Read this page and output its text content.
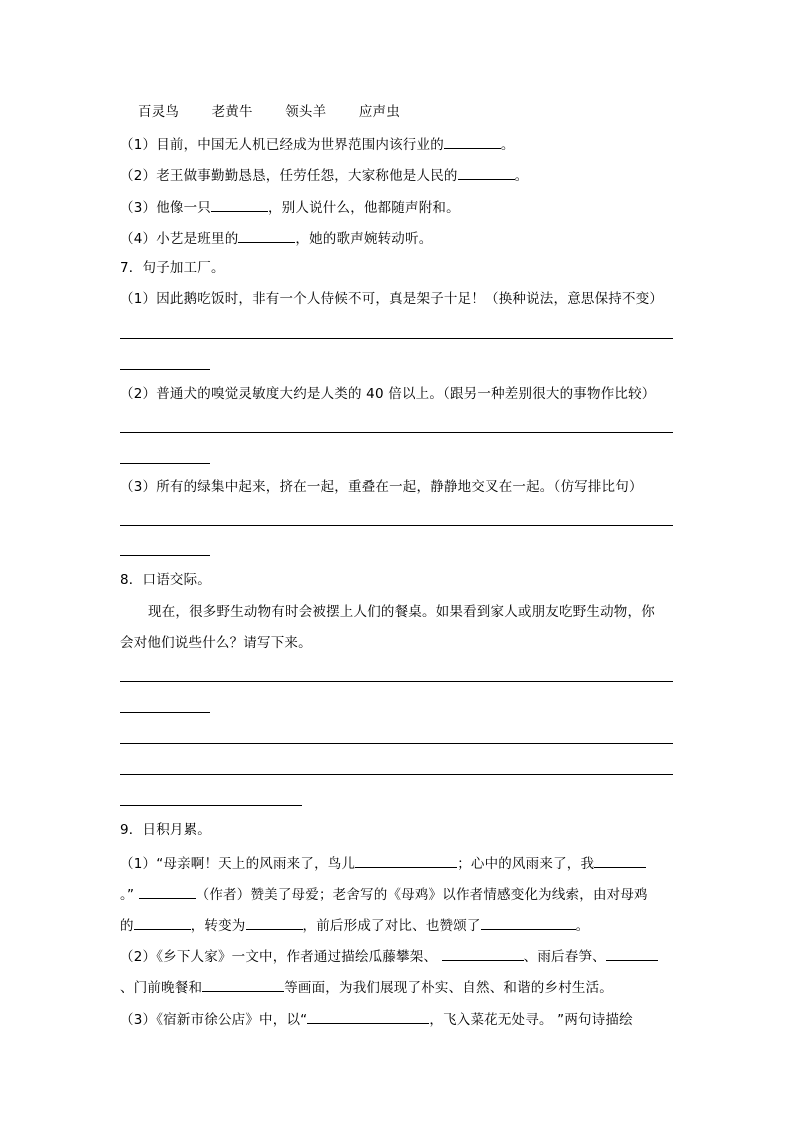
百灵鸟 老黄牛 领头羊 应声虫
（1）目前，中国无人机已经成为世界范围内该行业的	。
（2）老王做事勤勤恳恳，任劳任怨，大家称他是人民的	。
（3）他像一只	，别人说什么，他都随声附和。
（4）小艺是班里的	，她的歌声婉转动听。
7．句子加工厂。
（1）因此鹅吃饭时，非有一个人侍候不可，真是架子十足！（换种说法，意思保持不变）
（2）普通犬的嗅觉灵敏度大约是人类的 40 倍以上。（跟另一种差别很大的事物作比较）
（3）所有的绿集中起来，挤在一起，重叠在一起，静静地交叉在一起。（仿写排比句）
8．口语交际。
现在，很多野生动物有时会被摆上人们的餐桌。如果看到家人或朋友吃野生动物，你
会对他们说些什么？请写下来。
9．日积月累。
（1）“母亲啊！天上的风雨来了，鸟儿	；心中的风雨来了，我
。”	（作者）赞美了母爱；老舍写的《母鸡》以作者情感变化为线索，由对母鸡
的	，转变为	，前后形成了对比、也赞颂了	。
（2）《乡下人家》一文中，作者通过描绘瓜藤攀架、	、雨后春笋、
、门前晚餐和	等画面，为我们展现了朴实、自然、和谐的乡村生活。
（3）《宿新市徐公店》中，以“	，飞入菜花无处寻。 ”两句诗描绘
